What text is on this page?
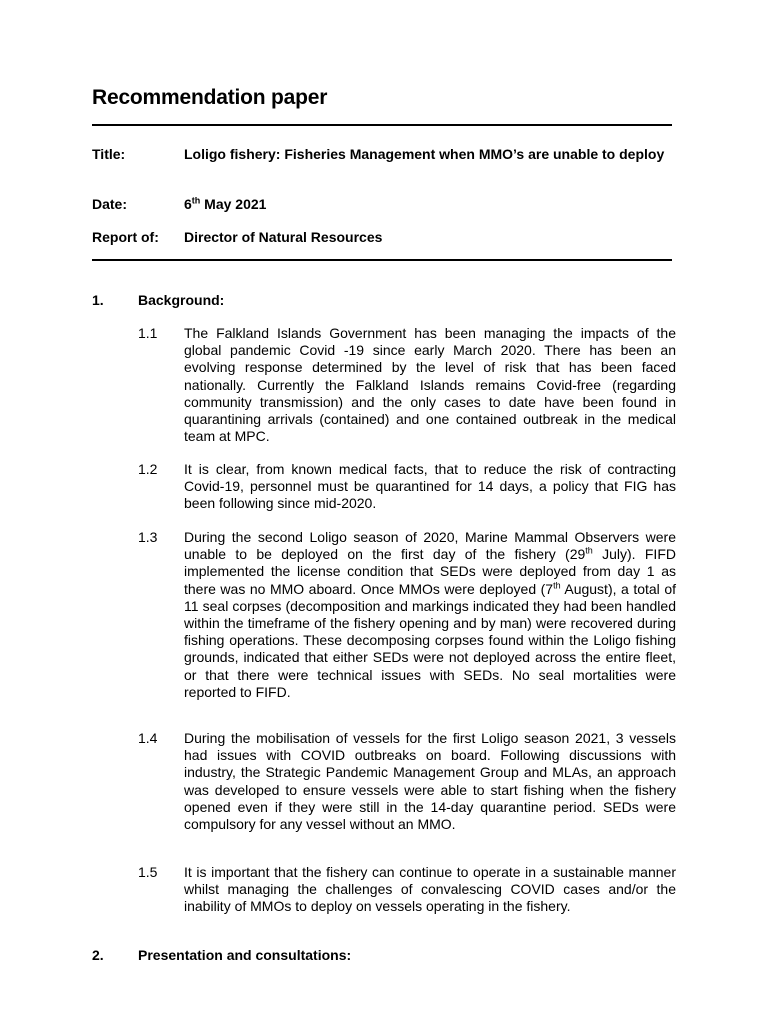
Recommendation paper
Title:	Loligo fishery: Fisheries Management when MMO’s are unable to deploy
Date:	6th May 2021
Report of: Director of Natural Resources
1. Background:
1.1 The Falkland Islands Government has been managing the impacts of the global pandemic Covid -19 since early March 2020. There has been an evolving response determined by the level of risk that has been faced nationally. Currently the Falkland Islands remains Covid-free (regarding community transmission) and the only cases to date have been found in quarantining arrivals (contained) and one contained outbreak in the medical team at MPC.

1.2 It is clear, from known medical facts, that to reduce the risk of contracting Covid-19, personnel must be quarantined for 14 days, a policy that FIG has been following since mid-2020.

1.3 During the second Loligo season of 2020, Marine Mammal Observers were unable to be deployed on the first day of the fishery (29th July). FIFD implemented the license condition that SEDs were deployed from day 1 as there was no MMO aboard. Once MMOs were deployed (7th August), a total of 11 seal corpses (decomposition and markings indicated they had been handled within the timeframe of the fishery opening and by man) were recovered during fishing operations. These decomposing corpses found within the Loligo fishing grounds, indicated that either SEDs were not deployed across the entire fleet, or that there were technical issues with SEDs. No seal mortalities were reported to FIFD.

1.4 During the mobilisation of vessels for the first Loligo season 2021, 3 vessels had issues with COVID outbreaks on board. Following discussions with industry, the Strategic Pandemic Management Group and MLAs, an approach was developed to ensure vessels were able to start fishing when the fishery opened even if they were still in the 14-day quarantine period. SEDs were compulsory for any vessel without an MMO.

1.5 It is important that the fishery can continue to operate in a sustainable manner whilst managing the challenges of convalescing COVID cases and/or the inability of MMOs to deploy on vessels operating in the fishery.

2. Presentation and consultations:
